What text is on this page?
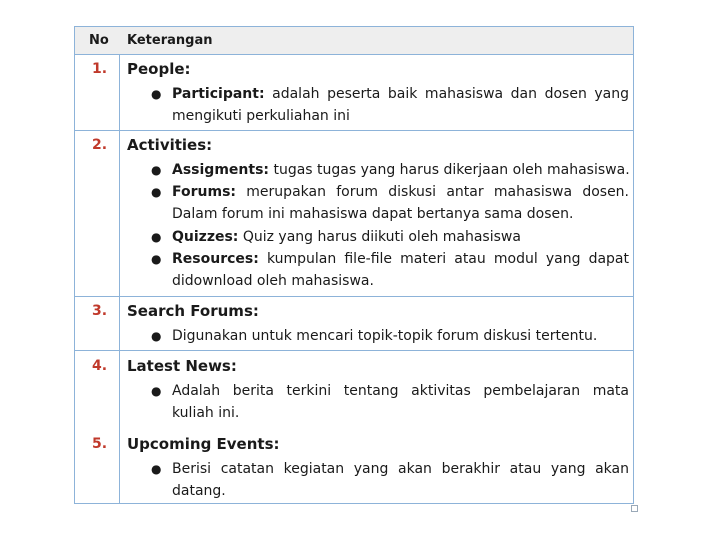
No Keterangan
1. People:
● Participant: adalah peserta baik mahasiswa dan dosen yang
mengikuti perkuliahan ini
2. Activities:
● Assigments: tugas tugas yang harus dikerjaan oleh mahasiswa.
● Forums: merupakan forum diskusi antar mahasiswa dosen.
Dalam forum ini mahasiswa dapat bertanya sama dosen.
● Quizzes: Quiz yang harus diikuti oleh mahasiswa
● Resources: kumpulan file-file materi atau modul yang dapat
didownload oleh mahasiswa.
3. Search Forums:
● Digunakan untuk mencari topik-topik forum diskusi tertentu.
4. Latest News:
● Adalah berita terkini tentang aktivitas pembelajaran mata
kuliah ini.
5. Upcoming Events:
● Berisi catatan kegiatan yang akan berakhir atau yang akan
datang.
